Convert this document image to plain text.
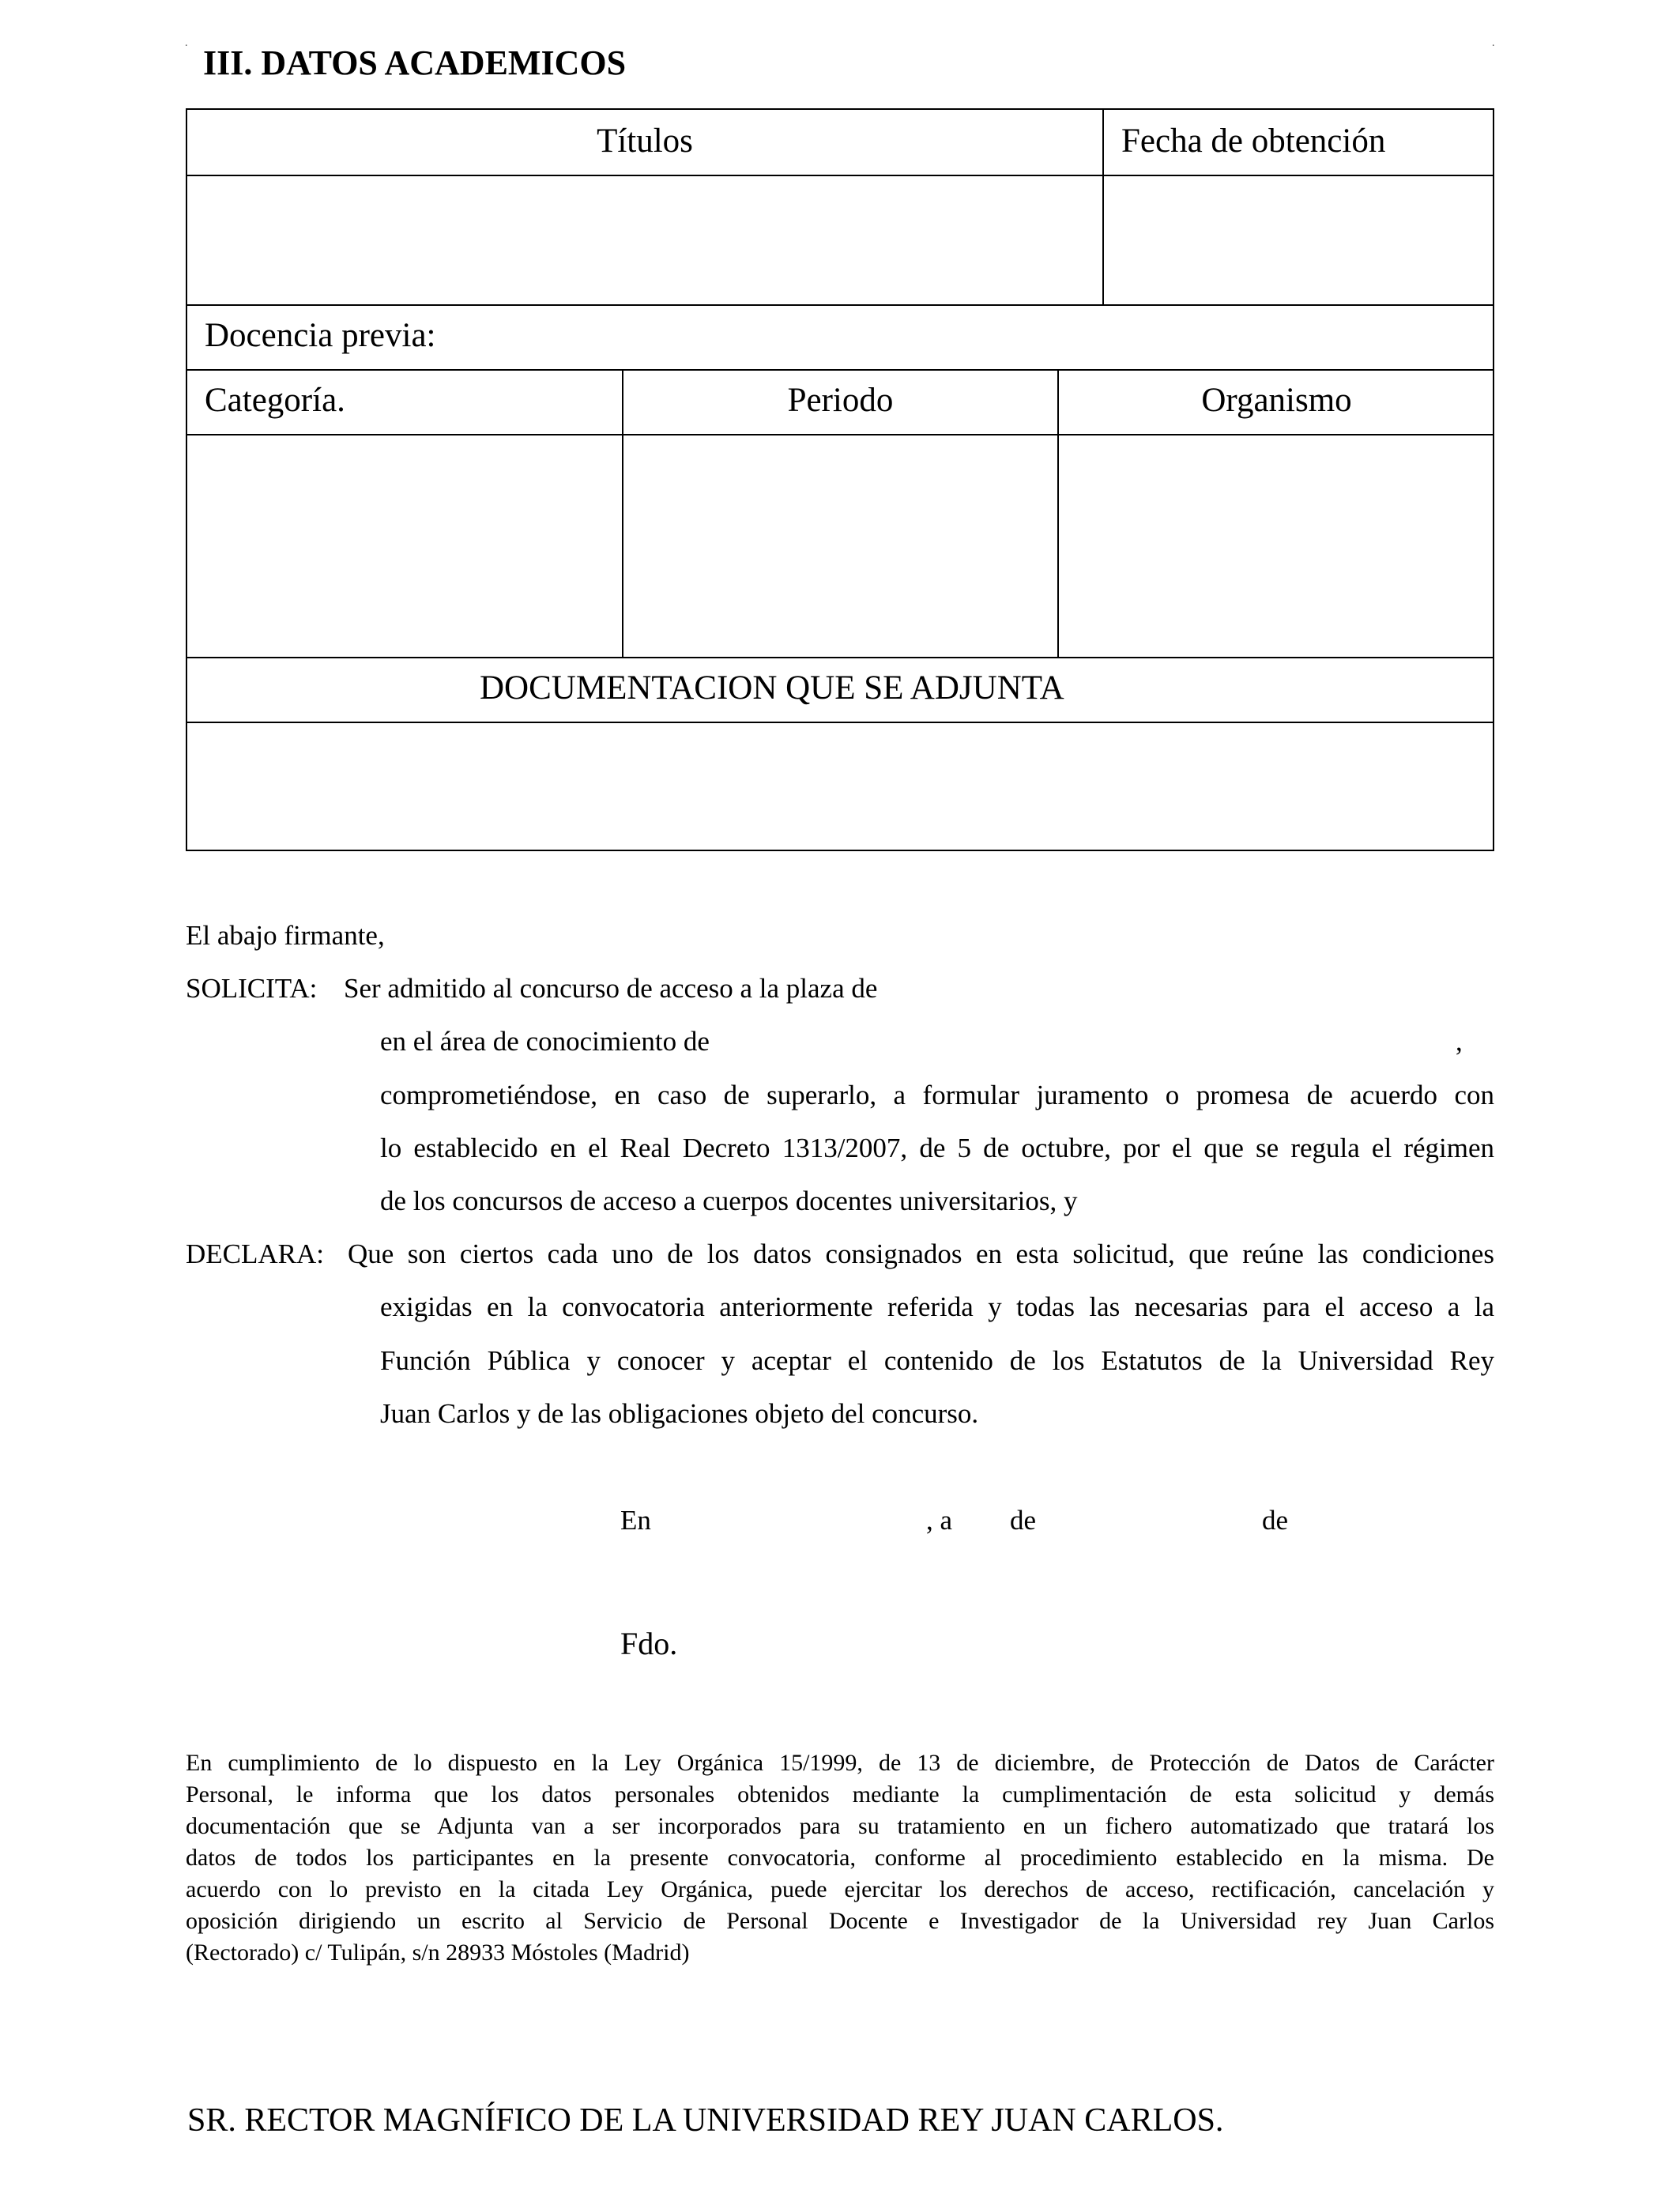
.	.
III. DATOS ACADEMICOS
Títulos	Fecha de obtención
Docencia previa:
Categoría.	Periodo	Organismo
DOCUMENTACION QUE SE ADJUNTA
El abajo firmante,
SOLICITA: Ser admitido al concurso de acceso a la plaza de
en el área de conocimiento de	,
comprometiéndose, en caso de superarlo, a formular juramento o promesa de acuerdo con
lo establecido en el Real Decreto 1313/2007, de 5 de octubre, por el que se regula el régimen
de los concursos de acceso a cuerpos docentes universitarios, y
DECLARA: Que son ciertos cada uno de los datos consignados en esta solicitud, que reúne las condiciones
exigidas en la convocatoria anteriormente referida y todas las necesarias para el acceso a la
Función Pública y conocer y aceptar el contenido de los Estatutos de la Universidad Rey
Juan Carlos y de las obligaciones objeto del concurso.
En	, a de	de
Fdo.
En cumplimiento de lo dispuesto en la Ley Orgánica 15/1999, de 13 de diciembre, de Protección de Datos de Carácter
Personal, le informa que los datos personales obtenidos mediante la cumplimentación de esta solicitud y demás
documentación que se Adjunta van a ser incorporados para su tratamiento en un fichero automatizado que tratará los
datos de todos los participantes en la presente convocatoria, conforme al procedimiento establecido en la misma. De
acuerdo con lo previsto en la citada Ley Orgánica, puede ejercitar los derechos de acceso, rectificación, cancelación y
oposición dirigiendo un escrito al Servicio de Personal Docente e Investigador de la Universidad rey Juan Carlos
(Rectorado) c/ Tulipán, s/n 28933 Móstoles (Madrid)
SR. RECTOR MAGNÍFICO DE LA UNIVERSIDAD REY JUAN CARLOS.
